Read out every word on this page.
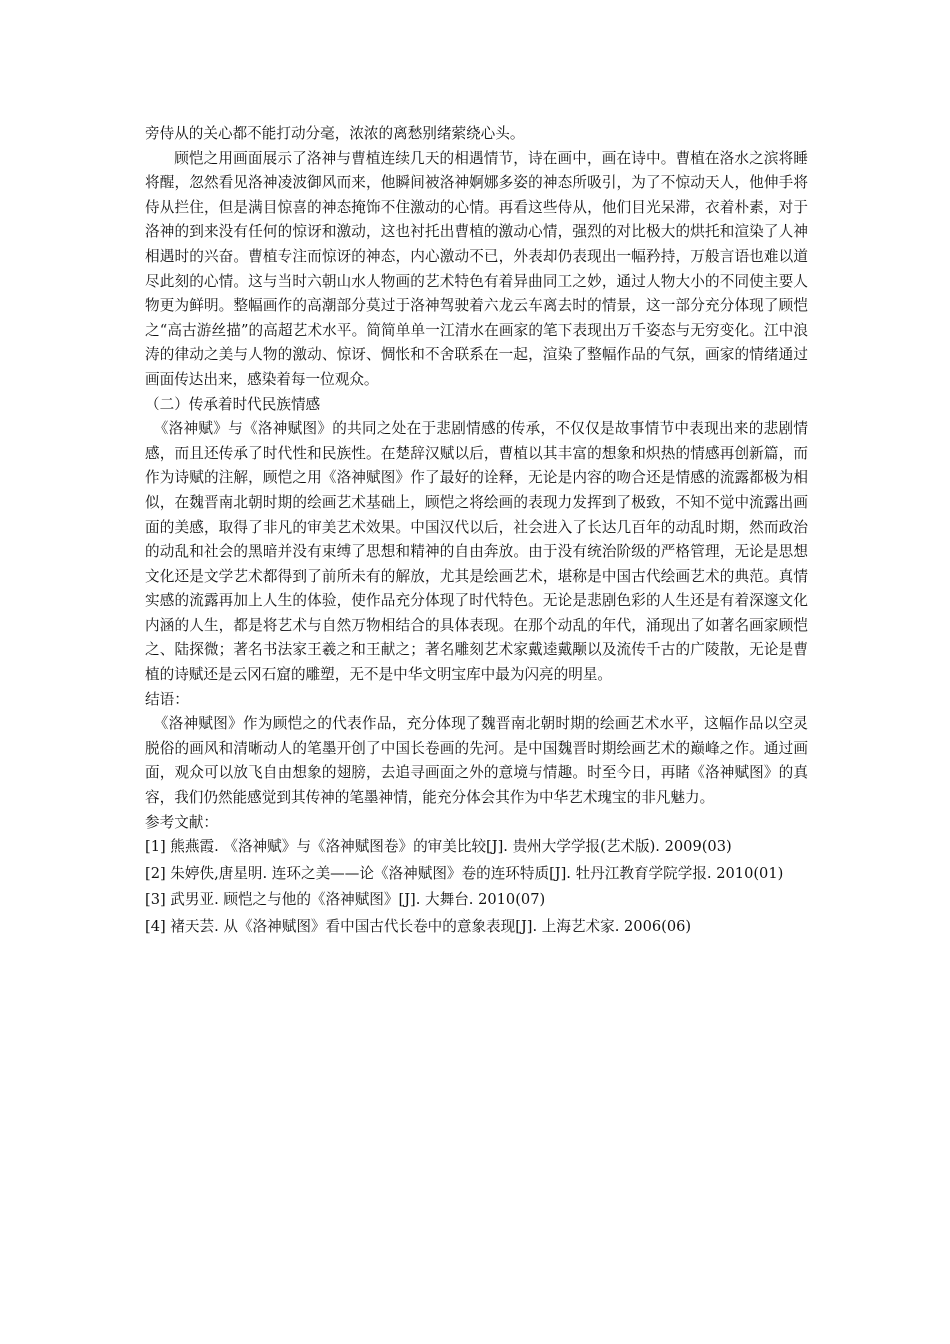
旁侍从的关心都不能打动分毫，浓浓的离愁别绪萦绕心头。

顾恺之用画面展示了洛神与曹植连续几天的相遇情节，诗在画中，画在诗中。曹植在洛水之滨将睡将醒，忽然看见洛神凌波御风而来，他瞬间被洛神婀娜多姿的神态所吸引，为了不惊动天人，他伸手将侍从拦住，但是满目惊喜的神态掩饰不住激动的心情。再看这些侍从，他们目光呆滞，衣着朴素，对于洛神的到来没有任何的惊讶和激动，这也衬托出曹植的激动心情，强烈的对比极大的烘托和渲染了人神相遇时的兴奋。曹植专注而惊讶的神态，内心激动不已，外表却仍表现出一幅矜持，万般言语也难以道尽此刻的心情。这与当时六朝山水人物画的艺术特色有着异曲同工之妙，通过人物大小的不同使主要人物更为鲜明。整幅画作的高潮部分莫过于洛神驾驶着六龙云车离去时的情景，这一部分充分体现了顾恺之“高古游丝描”的高超艺术水平。简简单单一江清水在画家的笔下表现出万千姿态与无穷变化。江中浪涛的律动之美与人物的激动、惊讶、惆怅和不舍联系在一起，渲染了整幅作品的气氛，画家的情绪通过画面传达出来，感染着每一位观众。

（二）传承着时代民族情感

《洛神赋》与《洛神赋图》的共同之处在于悲剧情感的传承，不仅仅是故事情节中表现出来的悲剧情感，而且还传承了时代性和民族性。在楚辞汉赋以后，曹植以其丰富的想象和炽热的情感再创新篇，而作为诗赋的注解，顾恺之用《洛神赋图》作了最好的诠释，无论是内容的吻合还是情感的流露都极为相似，在魏晋南北朝时期的绘画艺术基础上，顾恺之将绘画的表现力发挥到了极致，不知不觉中流露出画面的美感，取得了非凡的审美艺术效果。中国汉代以后，社会进入了长达几百年的动乱时期，然而政治的动乱和社会的黑暗并没有束缚了思想和精神的自由奔放。由于没有统治阶级的严格管理，无论是思想文化还是文学艺术都得到了前所未有的解放，尤其是绘画艺术，堪称是中国古代绘画艺术的典范。真情实感的流露再加上人生的体验，使作品充分体现了时代特色。无论是悲剧色彩的人生还是有着深邃文化内涵的人生，都是将艺术与自然万物相结合的具体表现。在那个动乱的年代，涌现出了如著名画家顾恺之、陆探微；著名书法家王羲之和王献之；著名雕刻艺术家戴逵戴颙以及流传千古的广陵散，无论是曹植的诗赋还是云冈石窟的雕塑，无不是中华文明宝库中最为闪亮的明星。

结语：

《洛神赋图》作为顾恺之的代表作品，充分体现了魏晋南北朝时期的绘画艺术水平，这幅作品以空灵脱俗的画风和清晰动人的笔墨开创了中国长卷画的先河。是中国魏晋时期绘画艺术的巅峰之作。通过画面，观众可以放飞自由想象的翅膀，去追寻画面之外的意境与情趣。时至今日，再睹《洛神赋图》的真容，我们仍然能感觉到其传神的笔墨神情，能充分体会其作为中华艺术瑰宝的非凡魅力。

参考文献：
[1] 熊燕霞. 《洛神赋》与《洛神赋图卷》的审美比较[J]. 贵州大学学报(艺术版). 2009(03)
[2] 朱婷佚,唐星明. 连环之美——论《洛神赋图》卷的连环特质[J]. 牡丹江教育学院学报. 2010(01)
[3] 武男亚. 顾恺之与他的《洛神赋图》[J]. 大舞台. 2010(07)
[4] 褚天芸. 从《洛神赋图》看中国古代长卷中的意象表现[J]. 上海艺术家. 2006(06)
